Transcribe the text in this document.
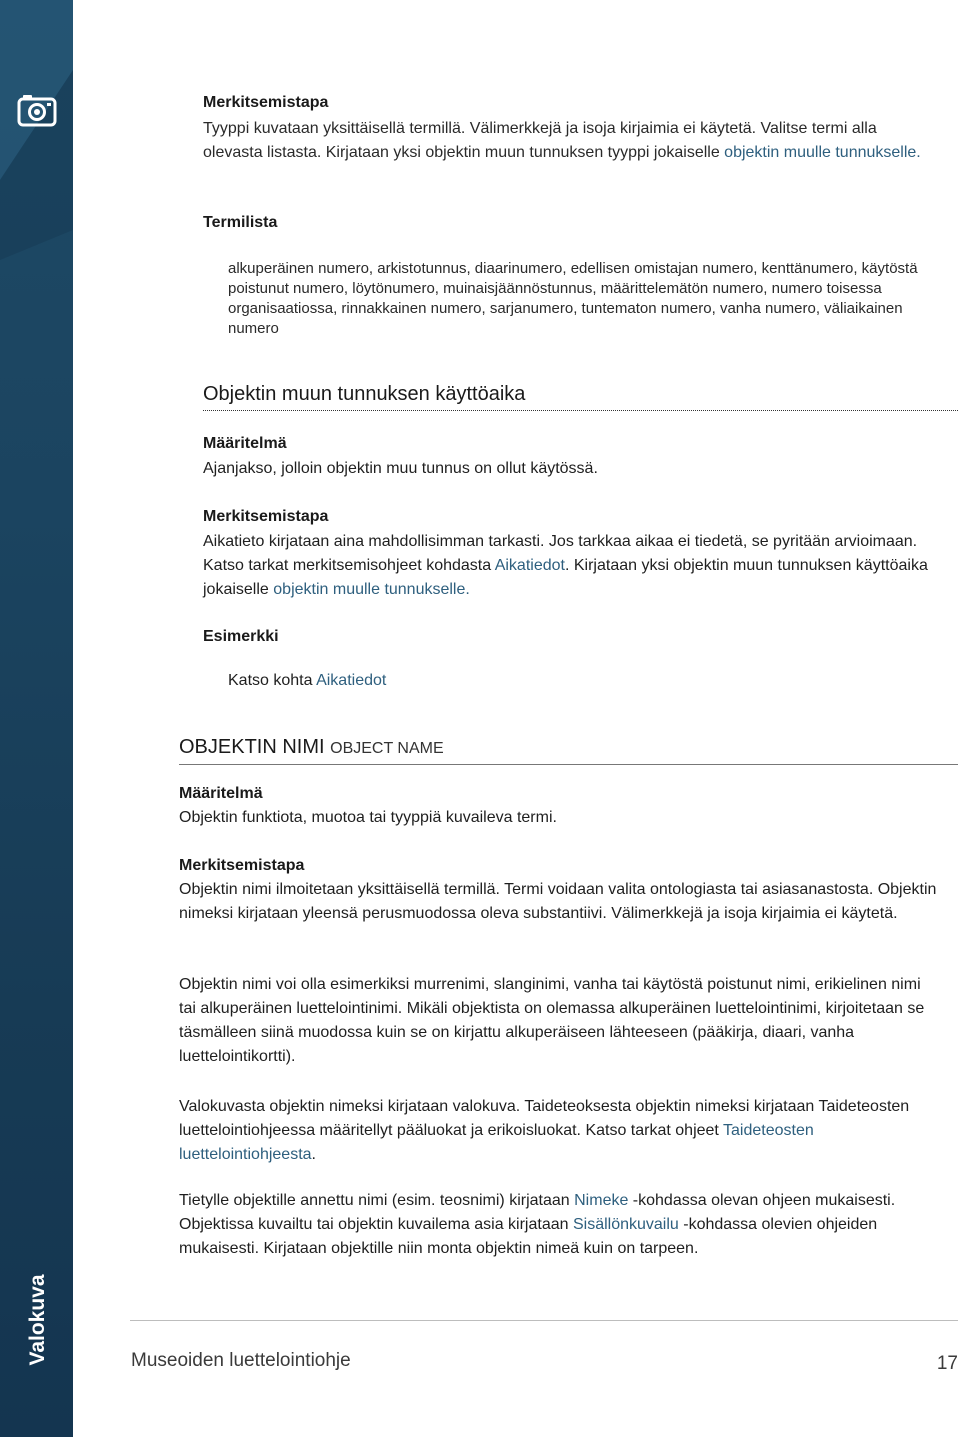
Valokuva
Merkitsemistapa
Tyyppi kuvataan yksittäisellä termillä. Välimerkkejä ja isoja kirjaimia ei käytetä. Valitse termi alla olevasta listasta. Kirjataan yksi objektin muun tunnuksen tyyppi jokaiselle objektin muulle tunnukselle.
Termilista
alkuperäinen numero, arkistotunnus, diaarinumero, edellisen omistajan numero, kenttänumero, käytöstä poistunut numero, löytönumero, muinaisjäännöstunnus, määrittelemätön numero, numero toisessa organisaatiossa, rinnakkainen numero, sarjanumero, tuntematon numero, vanha numero, väliaikainen numero
Objektin muun tunnuksen käyttöaika
Määritelmä
Ajanjakso, jolloin objektin muu tunnus on ollut käytössä.
Merkitsemistapa
Aikatieto kirjataan aina mahdollisimman tarkasti. Jos tarkkaa aikaa ei tiedetä, se pyritään arvioimaan. Katso tarkat merkitsemisohjeet kohdasta Aikatiedot. Kirjataan yksi objektin muun tunnuksen käyttöaika jokaiselle objektin muulle tunnukselle.
Esimerkki
Katso kohta Aikatiedot
OBJEKTIN NIMI OBJECT NAME
Määritelmä
Objektin funktiota, muotoa tai tyyppiä kuvaileva termi.
Merkitsemistapa
Objektin nimi ilmoitetaan yksittäisellä termillä. Termi voidaan valita ontologiasta tai asiasanastosta. Objektin nimeksi kirjataan yleensä perusmuodossa oleva substantiivi. Välimerkkejä ja isoja kirjaimia ei käytetä.
Objektin nimi voi olla esimerkiksi murrenimi, slanginimi, vanha tai käytöstä poistunut nimi, erikielinen nimi tai alkuperäinen luettelointinimi. Mikäli objektista on olemassa alkuperäinen luettelointinimi, kirjoitetaan se täsmälleen siinä muodossa kuin se on kirjattu alkuperäiseen lähteeseen (pääkirja, diaari, vanha luettelointikortti).
Valokuvasta objektin nimeksi kirjataan valokuva. Taideteoksesta objektin nimeksi kirjataan Taideteosten luettelointiohjeessa määritellyt pääluokat ja erikoisluokat. Katso tarkat ohjeet Taideteosten luettelointiohjeesta.
Tietylle objektille annettu nimi (esim. teosnimi) kirjataan Nimeke -kohdassa olevan ohjeen mukaisesti. Objektissa kuvailtu tai objektin kuvailema asia kirjataan Sisällönkuvailu -kohdassa olevien ohjeiden mukaisesti. Kirjataan objektille niin monta objektin nimeä kuin on tarpeen.
Museoiden luettelointiohje	17
